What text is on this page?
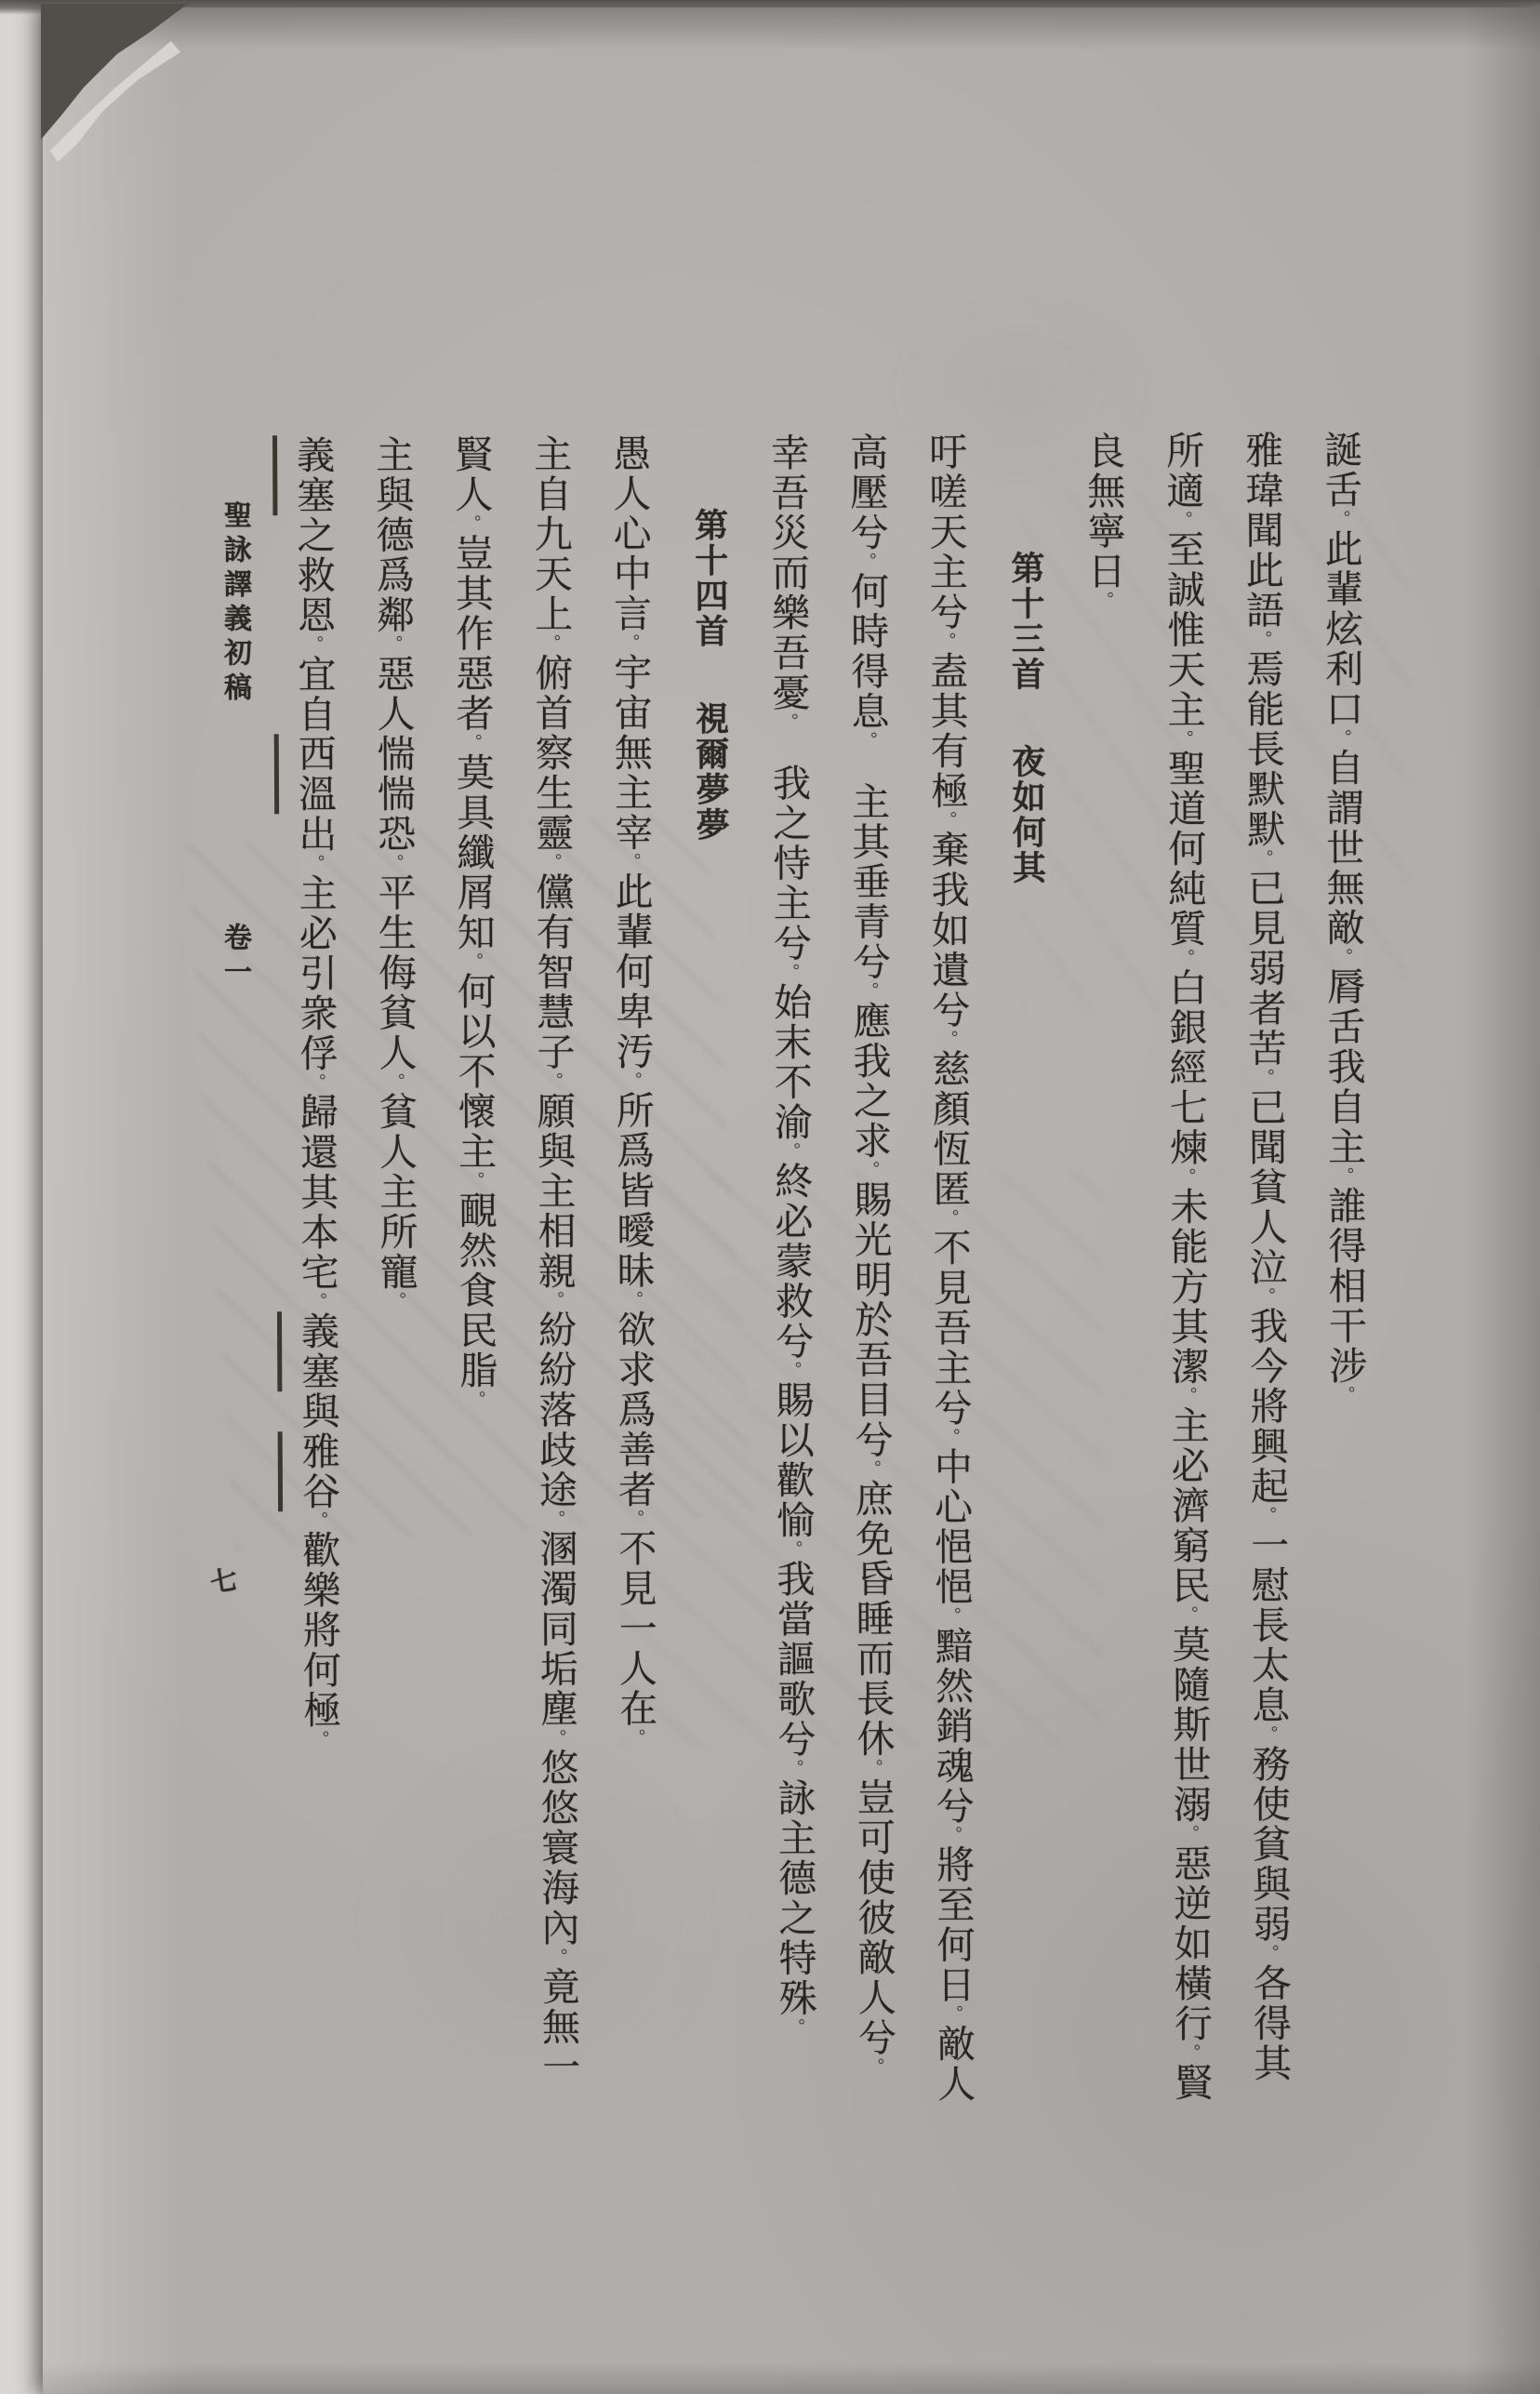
誕舌。此輩炫利口。自謂世無敵。脣舌我自主。誰得相干涉。
雅瑋聞此語。焉能長默默。已見弱者苦。已聞貧人泣。我今將興起。一慰長太息。務使貧與弱。各得其
所適。至誠惟天主。聖道何純質。白銀經七煉。未能方其潔。主必濟窮民。莫隨斯世溺。惡逆如橫行。賢
良無寧日。
第十三首夜如何其
吁嗟天主兮。盍其有極。棄我如遺兮。慈顏恆匿。不見吾主兮。中心悒悒。黯然銷魂兮。將至何日。敵人
高壓兮。何時得息。　主其垂青兮。應我之求。賜光明於吾目兮。庶免昏睡而長休。豈可使彼敵人兮。
幸吾災而樂吾憂。　我之恃主兮。始末不渝。終必蒙救兮。賜以歡愉。我當謳歌兮。詠主德之特殊。
第十四首視爾夢夢
愚人心中言。宇宙無主宰。此輩何卑汚。所爲皆曖昧。欲求爲善者。不見一人在。
主自九天上。俯首察生靈。儻有智慧子。願與主相親。紛紛落歧途。溷濁同垢塵。悠悠寰海內。竟無一
賢人。豈其作惡者。莫具纖屑知。何以不懷主。靦然食民脂。
主與德爲鄰。惡人惴惴恐。平生侮貧人。貧人主所寵。
義塞之救恩。宜自西溫出。主必引衆俘。歸還其本宅。義塞與雅谷。歡樂將何極。
聖詠譯義初稿 卷一
七
